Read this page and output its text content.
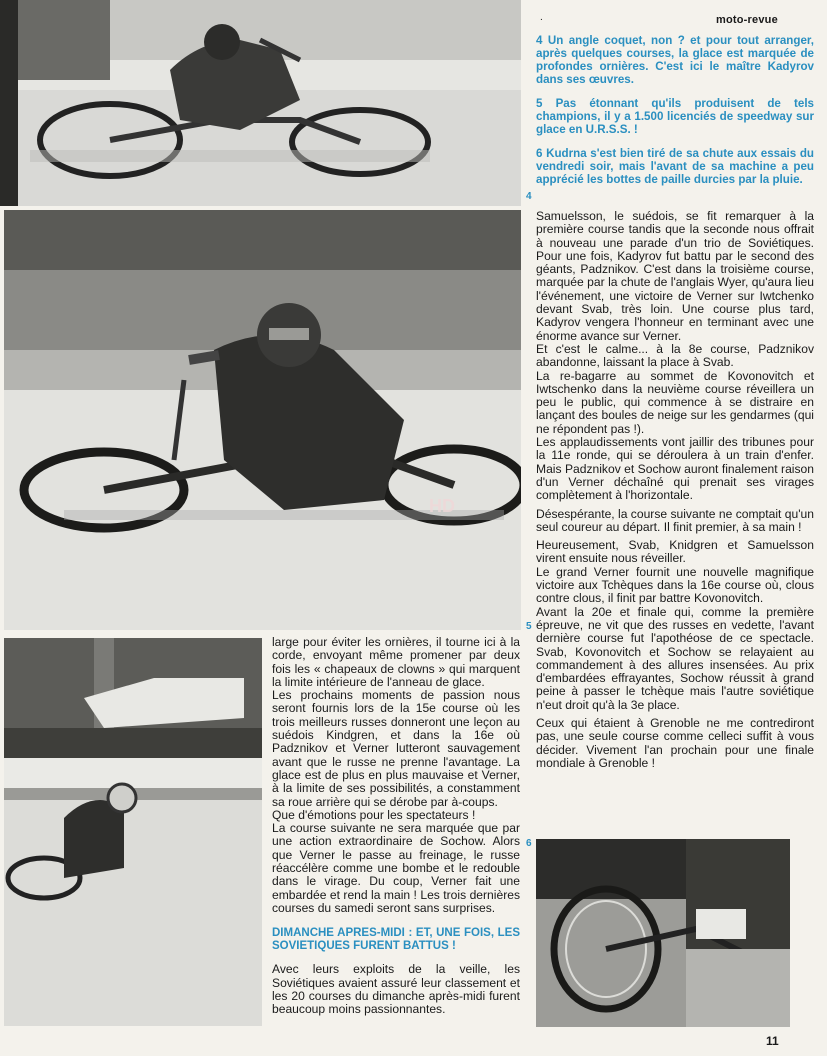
HD
moto-revue
.

4 Un angle coquet, non ? et pour tout arranger, après quelques courses, la glace est marquée de profondes ornières. C'est ici le maître Kadyrov dans ses œuvres.

5 Pas étonnant qu'ils produisent de tels champions, il y a 1.500 licenciés de speedway sur glace en U.R.S.S. !

6 Kudrna s'est bien tiré de sa chute aux essais du vendredi soir, mais l'avant de sa machine a peu apprécié les bottes de paille durcies par la pluie.

4
5
6

large pour éviter les ornières, il tourne ici à la corde, envoyant même promener par deux fois les « chapeaux de clowns » qui marquent la limite intérieure de l'anneau de glace.

Les prochains moments de passion nous seront fournis lors de la 15e course où les trois meilleurs russes donneront une leçon au suédois Kindgren, et dans la 16e où Padznikov et Verner lutteront sauvagement avant que le russe ne prenne l'avantage. La glace est de plus en plus mauvaise et Verner, à la limite de ses possibilités, a constamment sa roue arrière qui se dérobe par à-coups.

Que d'émotions pour les spectateurs !

La course suivante ne sera marquée que par une action extraordinaire de Sochow. Alors que Verner le passe au freinage, le russe réaccélère comme une bombe et le redouble dans le virage. Du coup, Verner fait une embardée et rend la main ! Les trois dernières courses du samedi seront sans surprises.

DIMANCHE APRES-MIDI : ET, UNE FOIS, LES SOVIETIQUES FURENT BATTUS !

Avec leurs exploits de la veille, les Soviétiques avaient assuré leur classement et les 20 courses du dimanche après-midi furent beaucoup moins passionnantes.

Samuelsson, le suédois, se fit remarquer à la première course tandis que la seconde nous offrait à nouveau une parade d'un trio de Soviétiques. Pour une fois, Kadyrov fut battu par le second des géants, Padznikov. C'est dans la troisième course, marquée par la chute de l'anglais Wyer, qu'aura lieu l'événement, une victoire de Verner sur Iwtchenko devant Svab, très loin. Une course plus tard, Kadyrov vengera l'honneur en terminant avec une énorme avance sur Verner.

Et c'est le calme... à la 8e course, Padznikov abandonne, laissant la place à Svab.

La re-bagarre au sommet de Kovonovitch et Iwtschenko dans la neuvième course réveillera un peu le public, qui commence à se distraire en lançant des boules de neige sur les gendarmes (qui ne répondent pas !).

Les applaudissements vont jaillir des tribunes pour la 11e ronde, qui se déroulera à un train d'enfer. Mais Padznikov et Sochow auront finalement raison d'un Verner déchaîné qui prenait ses virages complètement à l'horizontale.

Désespérante, la course suivante ne comptait qu'un seul coureur au départ. Il finit premier, à sa main !

Heureusement, Svab, Knidgren et Samuelsson virent ensuite nous réveiller.

Le grand Verner fournit une nouvelle magnifique victoire aux Tchèques dans la 16e course où, clous contre clous, il finit par battre Kovonovitch.

Avant la 20e et finale qui, comme la première épreuve, ne vit que des russes en vedette, l'avant dernière course fut l'apothéose de ce spectacle. Svab, Kovonovitch et Sochow se relayaient au commandement à des allures insensées. Au prix d'embardées effrayantes, Sochow réussit à grand peine à passer le tchèque mais l'autre soviétique n'eut droit qu'à la 3e place.

Ceux qui étaient à Grenoble ne me contrediront pas, une seule course comme celleci suffit à vous décider. Vivement l'an prochain pour une finale mondiale à Grenoble !

11
